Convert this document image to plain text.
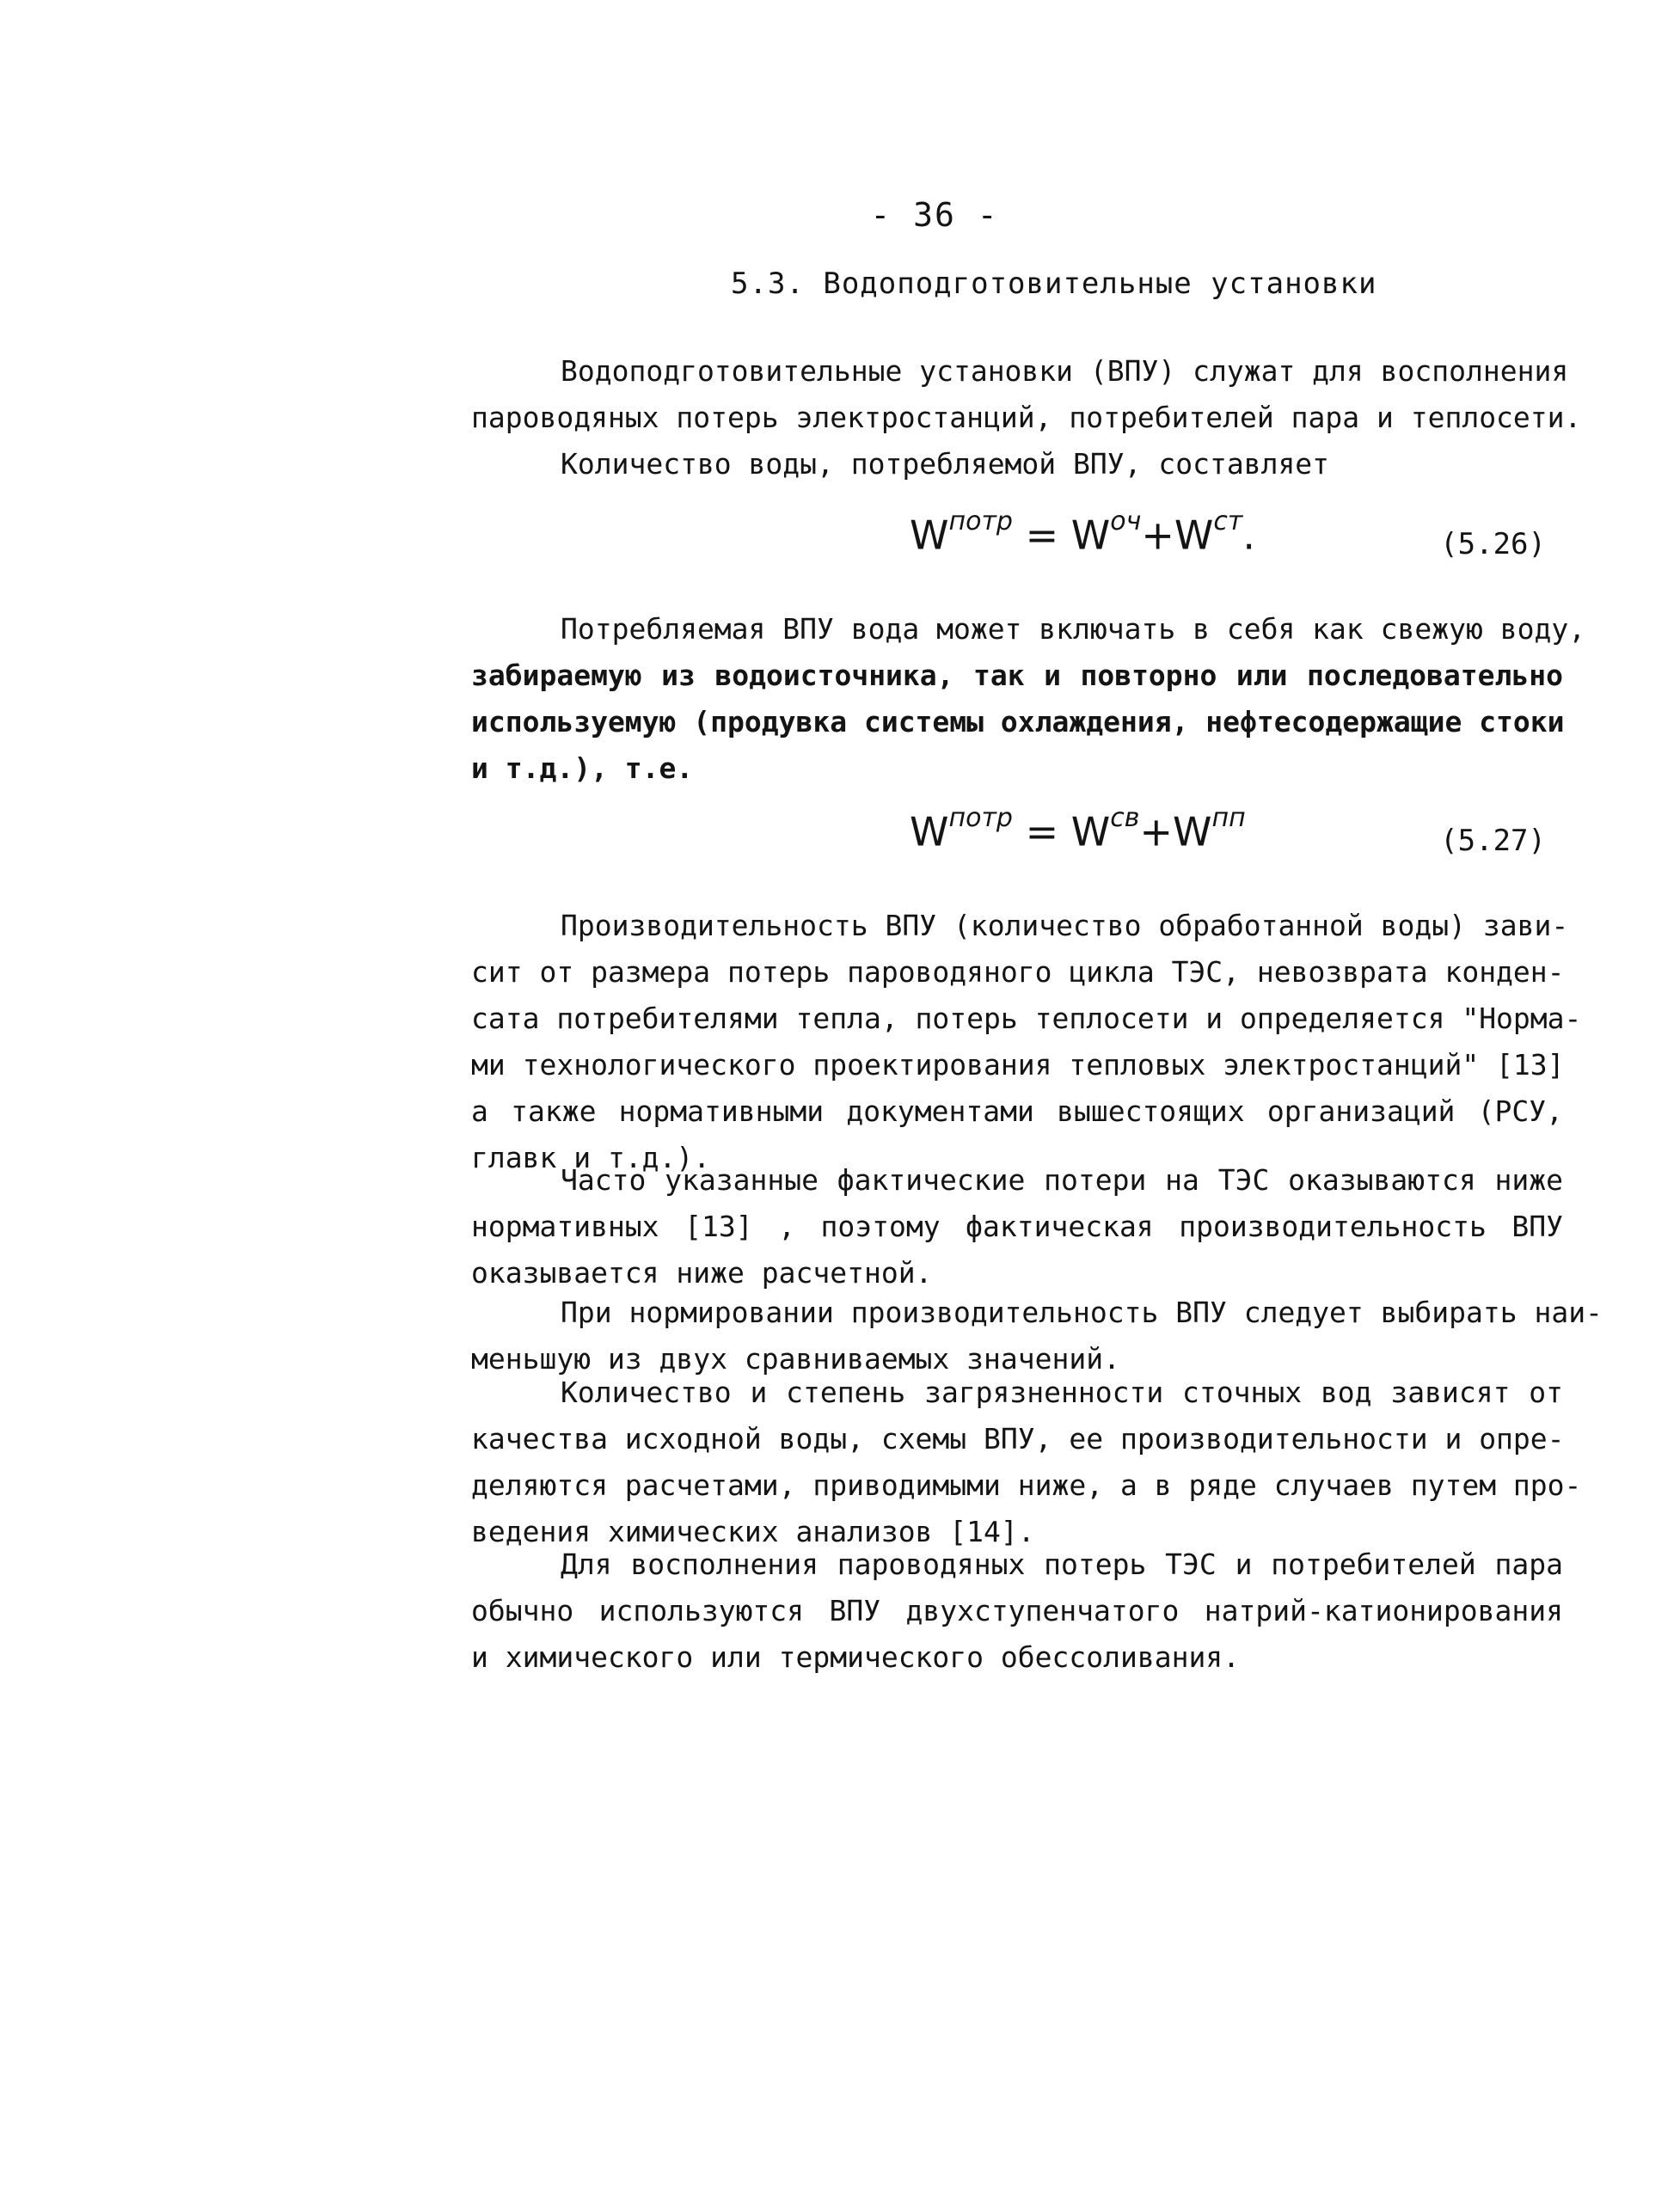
- 36 -
5.3. Водоподготовительные установки

Водоподготовительные установки (ВПУ) служат для восполнения
пароводяных потерь электростанций, потребителей пара и теплосети.
Количество воды, потребляемой ВПУ, составляет

$W^{потр} = W^{оч}+W^{ст}$.	(5.26)

Потребляемая ВПУ вода может включать в себя как свежую воду,
забираемую из водоисточника, так и повторно или последовательно
используемую (продувка системы охлаждения, нефтесодержащие стоки
и т.д.), т.е.

$W^{потр} = W^{св}+W^{пп}$
(5.27)

Производительность ВПУ (количество обработанной воды) зави-
сит от размера потерь пароводяного цикла ТЭС, невозврата конден-
сата потребителями тепла, потерь теплосети и определяется "Норма-
ми технологического проектирования тепловых электростанций" [13]
а также нормативными документами вышестоящих организаций (РСУ,
главк и т.д.).

Часто указанные фактические потери на ТЭС оказываются ниже
нормативных [13] , поэтому фактическая производительность ВПУ
оказывается ниже расчетной.

При нормировании производительность ВПУ следует выбирать наи-
меньшую из двух сравниваемых значений.

Количество и степень загрязненности сточных вод зависят от
качества исходной воды, схемы ВПУ, ее производительности и опре-
деляются расчетами, приводимыми ниже, а в ряде случаев путем про-
ведения химических анализов [14].

Для восполнения пароводяных потерь ТЭС и потребителей пара
обычно используются ВПУ двухступенчатого натрий-катионирования
и химического или термического обессоливания.
